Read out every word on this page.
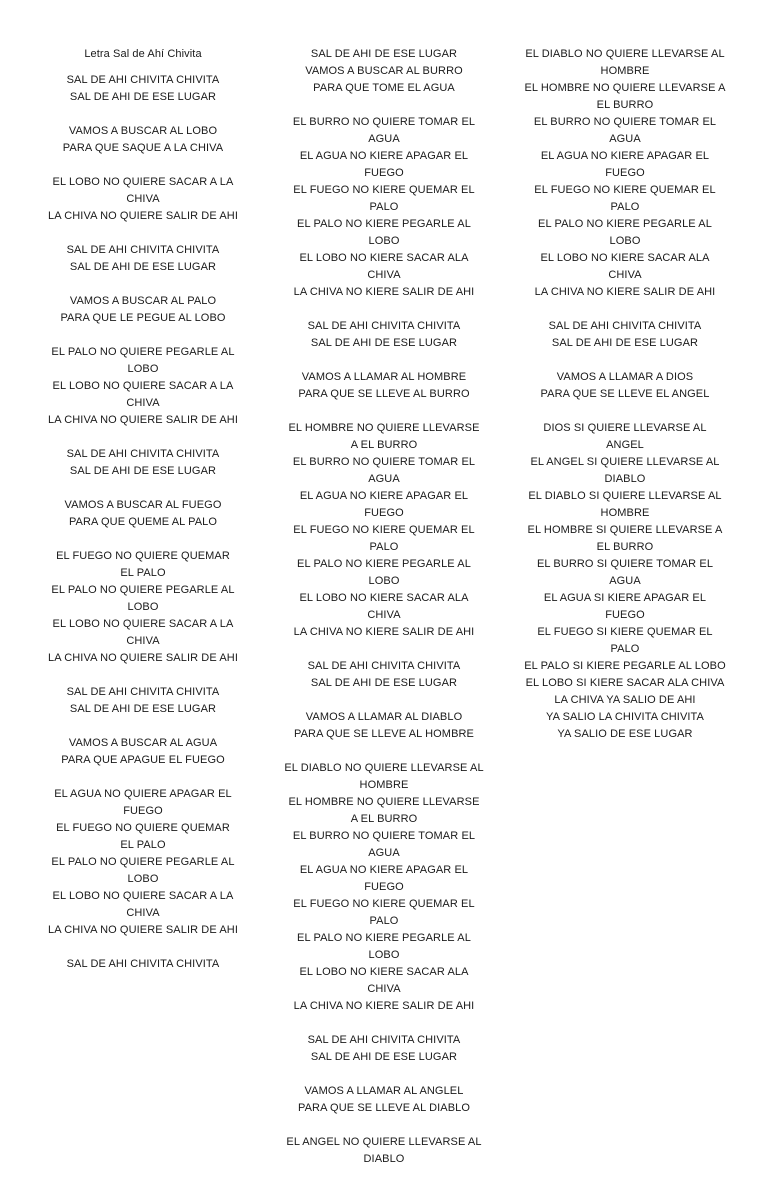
Letra Sal de Ahí Chivita
SAL DE AHI CHIVITA CHIVITA
SAL DE AHI DE ESE LUGAR
VAMOS A BUSCAR AL LOBO
PARA QUE SAQUE A LA CHIVA
EL LOBO NO QUIERE SACAR A LA CHIVA
LA CHIVA NO QUIERE SALIR DE AHI
SAL DE AHI CHIVITA CHIVITA
SAL DE AHI DE ESE LUGAR
VAMOS A BUSCAR AL PALO
PARA QUE LE PEGUE AL LOBO
EL PALO NO QUIERE PEGARLE AL LOBO
EL LOBO NO QUIERE SACAR A LA CHIVA
LA CHIVA NO QUIERE SALIR DE AHI
SAL DE AHI CHIVITA CHIVITA
SAL DE AHI DE ESE LUGAR
VAMOS A BUSCAR AL FUEGO
PARA QUE QUEME AL PALO
EL FUEGO NO QUIERE QUEMAR EL PALO
EL PALO NO QUIERE PEGARLE AL LOBO
EL LOBO NO QUIERE SACAR A LA CHIVA
LA CHIVA NO QUIERE SALIR DE AHI
SAL DE AHI CHIVITA CHIVITA
SAL DE AHI DE ESE LUGAR
VAMOS A BUSCAR AL AGUA
PARA QUE APAGUE EL FUEGO
EL AGUA NO QUIERE APAGAR EL FUEGO
EL FUEGO NO QUIERE QUEMAR EL PALO
EL PALO NO QUIERE PEGARLE AL LOBO
EL LOBO NO QUIERE SACAR A LA CHIVA
LA CHIVA NO QUIERE SALIR DE AHI
SAL DE AHI CHIVITA CHIVITA
SAL DE AHI DE ESE LUGAR
VAMOS A BUSCAR AL BURRO
PARA QUE TOME EL AGUA
EL BURRO NO QUIERE TOMAR EL AGUA
EL AGUA NO KIERE APAGAR EL FUEGO
EL FUEGO NO KIERE QUEMAR EL PALO
EL PALO NO KIERE PEGARLE AL LOBO
EL LOBO NO KIERE SACAR ALA CHIVA
LA CHIVA NO KIERE SALIR DE AHI
SAL DE AHI CHIVITA CHIVITA
SAL DE AHI DE ESE LUGAR
VAMOS A LLAMAR AL HOMBRE
PARA QUE SE LLEVE AL BURRO
EL HOMBRE NO QUIERE LLEVARSE A EL BURRO
EL BURRO NO QUIERE TOMAR EL AGUA
EL AGUA NO KIERE APAGAR EL FUEGO
EL FUEGO NO KIERE QUEMAR EL PALO
EL PALO NO KIERE PEGARLE AL LOBO
EL LOBO NO KIERE SACAR ALA CHIVA
LA CHIVA NO KIERE SALIR DE AHI
SAL DE AHI CHIVITA CHIVITA
SAL DE AHI DE ESE LUGAR
VAMOS A LLAMAR AL DIABLO
PARA QUE SE LLEVE AL HOMBRE
EL DIABLO NO QUIERE LLEVARSE AL HOMBRE
EL HOMBRE NO QUIERE LLEVARSE A EL BURRO
EL BURRO NO QUIERE TOMAR EL AGUA
EL AGUA NO KIERE APAGAR EL FUEGO
EL FUEGO NO KIERE QUEMAR EL PALO
EL PALO NO KIERE PEGARLE AL LOBO
EL LOBO NO KIERE SACAR ALA CHIVA
LA CHIVA NO KIERE SALIR DE AHI
SAL DE AHI CHIVITA CHIVITA
SAL DE AHI DE ESE LUGAR
VAMOS A LLAMAR AL ANGLEL
PARA QUE SE LLEVE AL DIABLO
EL ANGEL NO QUIERE LLEVARSE AL DIABLO
EL DIABLO NO QUIERE LLEVARSE AL HOMBRE
EL HOMBRE NO QUIERE LLEVARSE A EL BURRO
EL BURRO NO QUIERE TOMAR EL AGUA
EL AGUA NO KIERE APAGAR EL FUEGO
EL FUEGO NO KIERE QUEMAR EL PALO
EL PALO NO KIERE PEGARLE AL LOBO
EL LOBO NO KIERE SACAR ALA CHIVA
LA CHIVA NO KIERE SALIR DE AHI
SAL DE AHI CHIVITA CHIVITA
SAL DE AHI DE ESE LUGAR
VAMOS A LLAMAR A DIOS
PARA QUE SE LLEVE EL ANGEL
DIOS SI QUIERE LLEVARSE AL ANGEL
EL ANGEL SI QUIERE LLEVARSE AL DIABLO
EL DIABLO SI QUIERE LLEVARSE AL HOMBRE
EL HOMBRE SI QUIERE LLEVARSE A EL BURRO
EL BURRO SI QUIERE TOMAR EL AGUA
EL AGUA SI KIERE APAGAR EL FUEGO
EL FUEGO SI KIERE QUEMAR EL PALO
EL PALO SI KIERE PEGARLE AL LOBO
EL LOBO SI KIERE SACAR ALA CHIVA
LA CHIVA YA SALIO DE AHI
YA SALIO LA CHIVITA CHIVITA
YA SALIO DE ESE LUGAR
